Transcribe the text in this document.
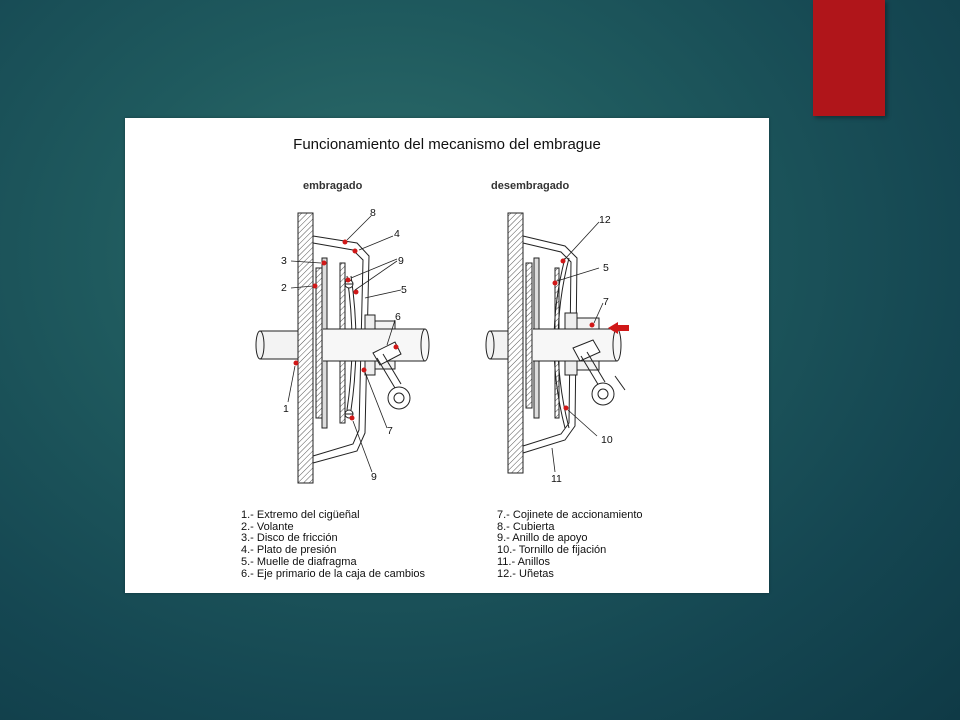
Funcionamiento del mecanismo del embrague
embragado	desembragado
8
4
3	9
2	5
6
1
7
9
12
5
7
10
11
1.- Extremo del cigüeñal
2.- Volante
3.- Disco de fricción
4.- Plato de presión
5.- Muelle de diafragma
6.- Eje primario de la caja de cambios
7.- Cojinete de accionamiento
8.- Cubierta
9.- Anillo de apoyo
10.- Tornillo de fijación
11.- Anillos
12.- Uñetas
